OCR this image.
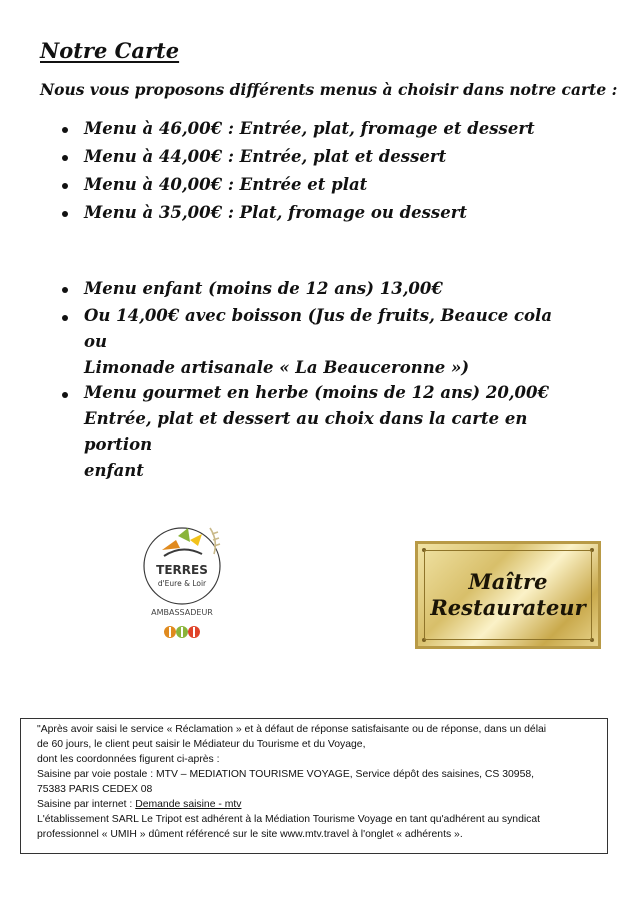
Notre Carte
Nous vous proposons différents menus à choisir dans notre carte :
Menu à 46,00€ : Entrée, plat, fromage et dessert
Menu à 44,00€ : Entrée, plat et dessert
Menu à 40,00€ : Entrée et plat
Menu à 35,00€ : Plat, fromage ou dessert
Menu enfant (moins de 12 ans) 13,00€
Ou 14,00€ avec boisson (Jus de fruits, Beauce cola ou
Limonade artisanale « La Beauceronne »)
Menu gourmet en herbe (moins de 12 ans) 20,00€
Entrée, plat et dessert au choix dans la carte en portion
enfant
TERRES
d'Eure & Loir
AMBASSADEUR
Maître
Restaurateur
"Après avoir saisi le service « Réclamation » et à défaut de réponse satisfaisante ou de réponse, dans un délai
de 60 jours, le client peut saisir le Médiateur du Tourisme et du Voyage,
dont les coordonnées figurent ci-après :
Saisine par voie postale : MTV – MEDIATION TOURISME VOYAGE, Service dépôt des saisines, CS 30958,
75383 PARIS CEDEX 08
Saisine par internet : Demande saisine - mtv
L'établissement SARL Le Tripot est adhérent à la Médiation Tourisme Voyage en tant qu'adhérent au syndicat
professionnel « UMIH » dûment référencé sur le site www.mtv.travel à l'onglet « adhérents ».
